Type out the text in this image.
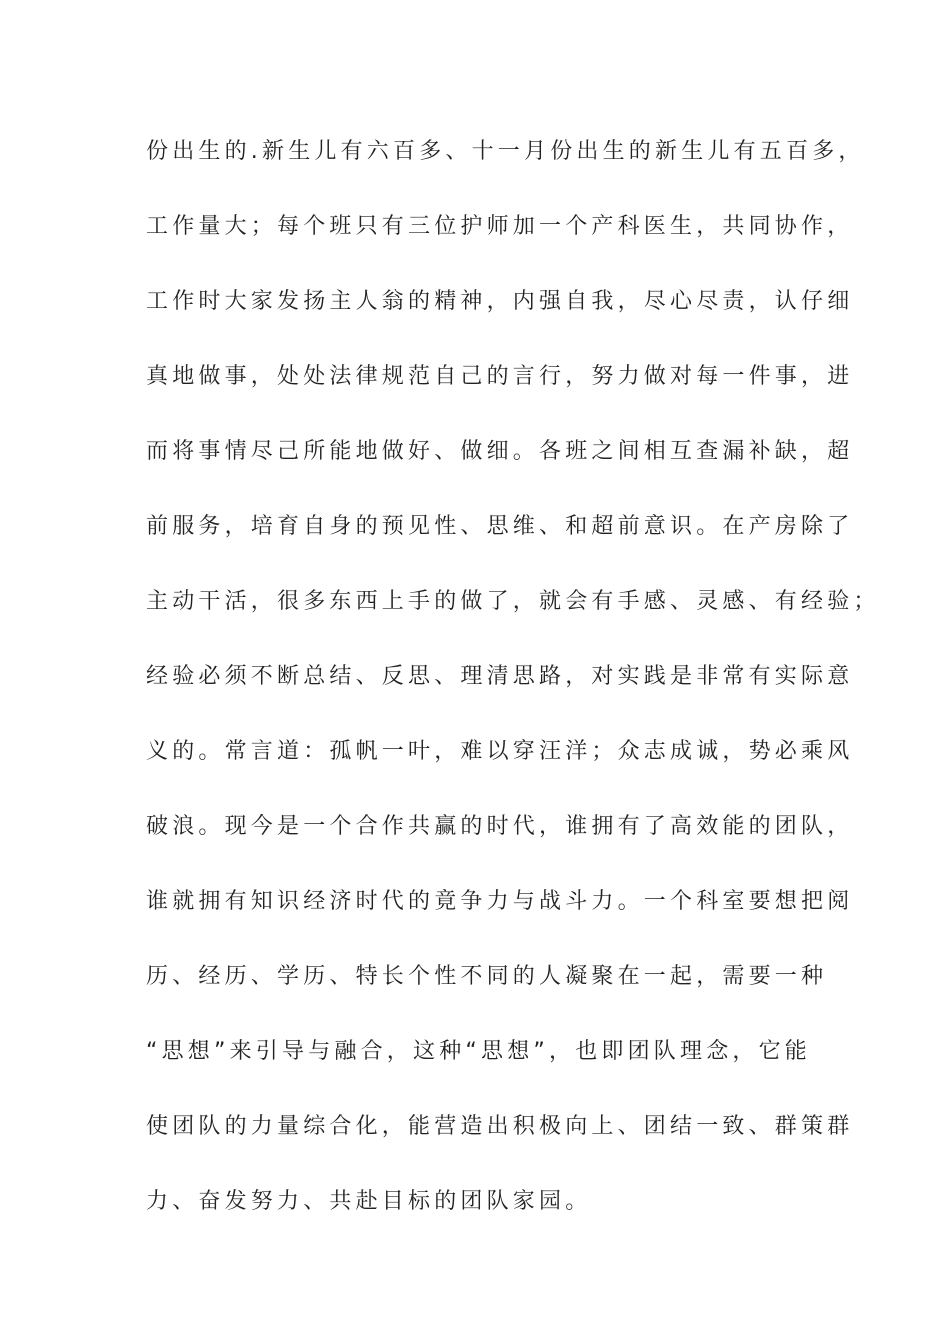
份出生的.新生儿有六百多、十一月份出生的新生儿有五百多，
工作量大；每个班只有三位护师加一个产科医生，共同协作，
工作时大家发扬主人翁的精神，内强自我，尽心尽责，认仔细
真地做事，处处法律规范自己的言行，努力做对每一件事，进
而将事情尽己所能地做好、做细。各班之间相互查漏补缺，超
前服务，培育自身的预见性、思维、和超前意识。在产房除了
主动干活，很多东西上手的做了，就会有手感、灵感、有经验；
经验必须不断总结、反思、理清思路，对实践是非常有实际意
义的。常言道：孤帆一叶，难以穿汪洋；众志成诚，势必乘风
破浪。现今是一个合作共赢的时代，谁拥有了高效能的团队，
谁就拥有知识经济时代的竟争力与战斗力。一个科室要想把阅
历、经历、学历、特长个性不同的人凝聚在一起，需要一种
“思想”来引导与融合，这种“思想”，也即团队理念，它能
使团队的力量综合化，能营造出积极向上、团结一致、群策群
力、奋发努力、共赴目标的团队家园。
